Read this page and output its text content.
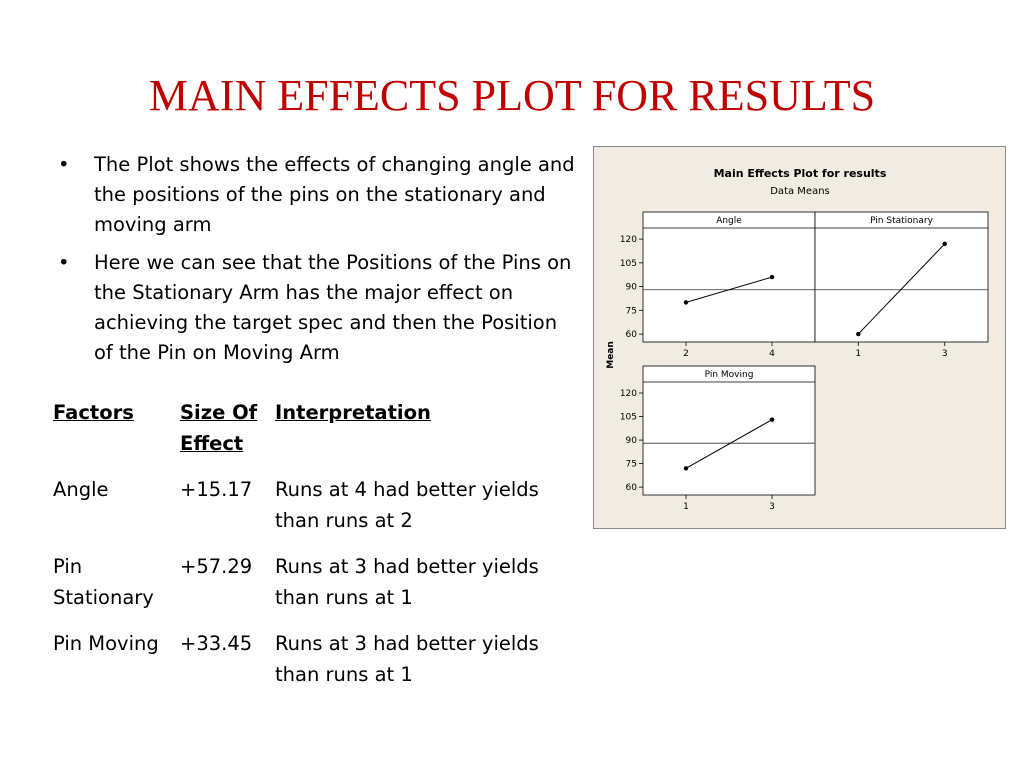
MAIN EFFECTS PLOT FOR RESULTS
• The Plot shows the effects of changing angle and the positions of the pins on the stationary and moving arm
• Here we can see that the Positions of the Pins on the Stationary Arm has the major effect on achieving the target spec and then the Position of the Pin on Moving Arm
Factors	Size Of Effect	Interpretation
Angle	+15.17	Runs at 4 had better yields than runs at 2
Pin Stationary	+57.29	Runs at 3 had better yields than runs at 1
Pin Moving	+33.45	Runs at 3 had better yields than runs at 1
Main Effects Plot for results
Data Means
Mean
Angle
60
75
90
105
120
2	4
Pin Stationary
1	3
Pin Moving
60
75
90
105
120
1	3
